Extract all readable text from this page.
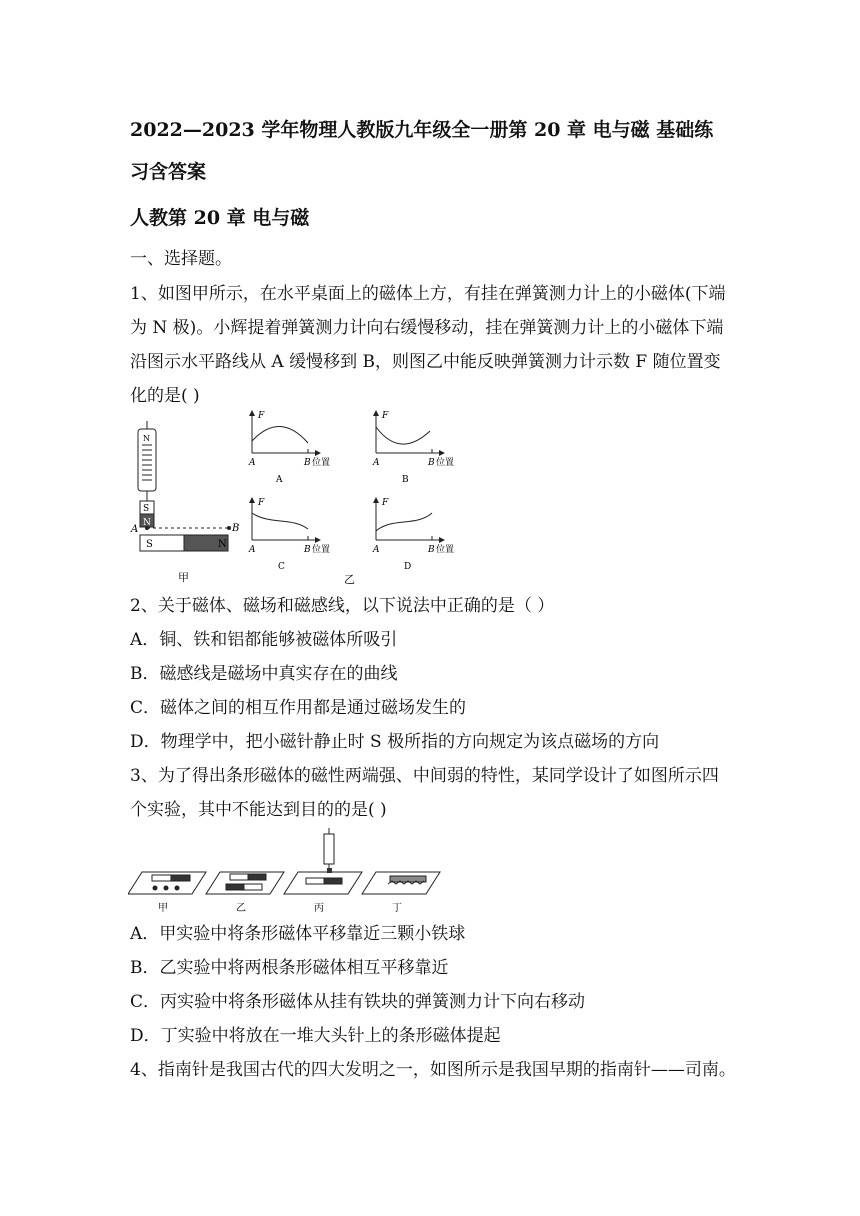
2022—2023 学年物理人教版九年级全一册第 20 章 电与磁 基础练
习含答案
人教第 20 章 电与磁
一、选择题。
1、如图甲所示，在水平桌面上的磁体上方，有挂在弹簧测力计上的小磁体(下端
为 N 极)。小辉提着弹簧测力计向右缓慢移动，挂在弹簧测力计上的小磁体下端
沿图示水平路线从 A 缓慢移到 B，则图乙中能反映弹簧测力计示数 F 随位置变
化的是( )
N
S
N
S	N
A	B
甲
F
A	B 位置
A
F
A	B 位置
B
F
A	B 位置
C
F
A	B 位置
D
乙
2、关于磁体、磁场和磁感线，以下说法中正确的是（ ）
A．铜、铁和铝都能够被磁体所吸引
B．磁感线是磁场中真实存在的曲线
C．磁体之间的相互作用都是通过磁场发生的
D．物理学中，把小磁针静止时 S 极所指的方向规定为该点磁场的方向
3、为了得出条形磁体的磁性两端强、中间弱的特性，某同学设计了如图所示四
个实验，其中不能达到目的的是( )
甲	乙	丙	丁
A．甲实验中将条形磁体平移靠近三颗小铁球
B．乙实验中将两根条形磁体相互平移靠近
C．丙实验中将条形磁体从挂有铁块的弹簧测力计下向右移动
D．丁实验中将放在一堆大头针上的条形磁体提起
4、指南针是我国古代的四大发明之一，如图所示是我国早期的指南针——司南。
